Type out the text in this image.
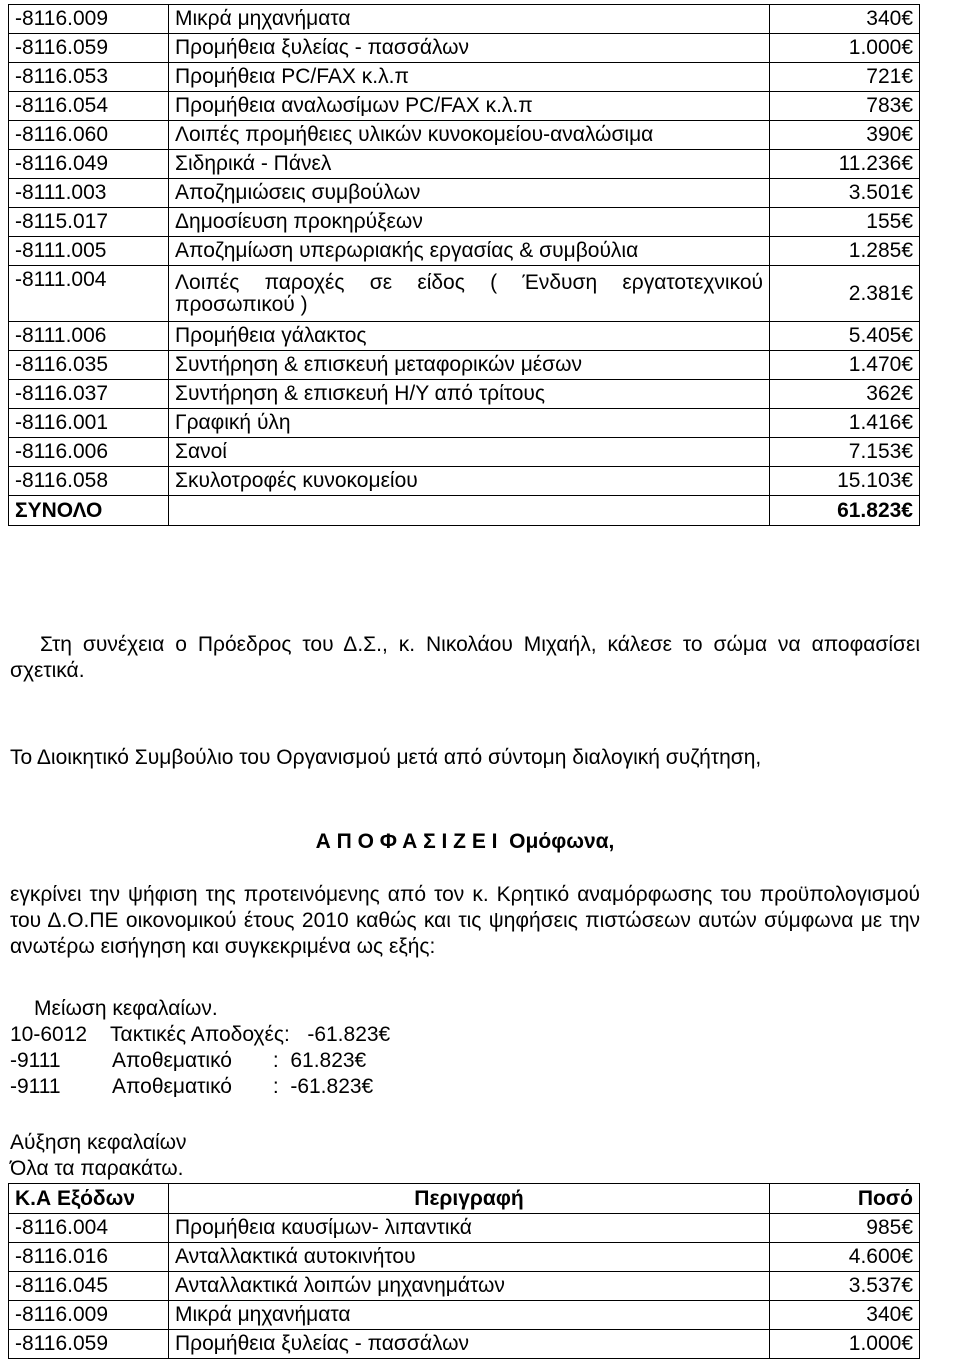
-8116.009	Μικρά μηχανήματα	340€
-8116.059	Προμήθεια ξυλείας - πασσάλων	1.000€
-8116.053	Προμήθεια PC/FAX κ.λ.π	721€
-8116.054	Προμήθεια αναλωσίμων PC/FAX κ.λ.π	783€
-8116.060	Λοιπές προμήθειες υλικών κυνοκομείου-αναλώσιμα	390€
-8116.049	Σιδηρικά - Πάνελ	11.236€
-8111.003	Αποζημιώσεις συμβούλων	3.501€
-8115.017	Δημοσίευση προκηρύξεων	155€
-8111.005	Αποζημίωση υπερωριακής εργασίας & συμβούλια	1.285€
-8111.004	Λοιπές παροχές σε είδος ( Ένδυση εργατοτεχνικού προσωπικού )	2.381€
-8111.006	Προμήθεια γάλακτος	5.405€
-8116.035	Συντήρηση & επισκευή μεταφορικών μέσων	1.470€
-8116.037	Συντήρηση & επισκευή Η/Υ από τρίτους	362€
-8116.001	Γραφική ύλη	1.416€
-8116.006	Σανοί	7.153€
-8116.058	Σκυλοτροφές κυνοκομείου	15.103€
ΣΥΝΟΛΟ		61.823€

Στη συνέχεια ο Πρόεδρος του Δ.Σ., κ. Νικολάου Μιχαήλ, κάλεσε το σώμα να αποφασίσει σχετικά.

Το Διοικητικό Συμβούλιο του Οργανισμού μετά από σύντομη διαλογική συζήτηση,

Α Π Ο Φ Α Σ Ι Ζ Ε Ι  Ομόφωνα,

εγκρίνει την ψήφιση της προτεινόμενης από τον κ. Κρητικό αναμόρφωσης του προϋπολογισμού του Δ.Ο.ΠΕ οικονομικού έτους 2010 καθώς και τις ψηφήσεις πιστώσεων αυτών σύμφωνα με την ανωτέρω εισήγηση και συγκεκριμένα ως εξής:

Μείωση κεφαλαίων.

10-6012    Τακτικές Αποδοχές:   -61.823€

-9111         Αποθεματικό       :  61.823€

-9111         Αποθεματικό       :  -61.823€

Αύξηση κεφαλαίων

Όλα τα παρακάτω.

Κ.Α Εξόδων	Περιγραφή	Ποσό
-8116.004	Προμήθεια καυσίμων- λιπαντικά	985€
-8116.016	Ανταλλακτικά αυτοκινήτου	4.600€
-8116.045	Ανταλλακτικά λοιπών μηχανημάτων	3.537€
-8116.009	Μικρά μηχανήματα	340€
-8116.059	Προμήθεια ξυλείας - πασσάλων	1.000€
